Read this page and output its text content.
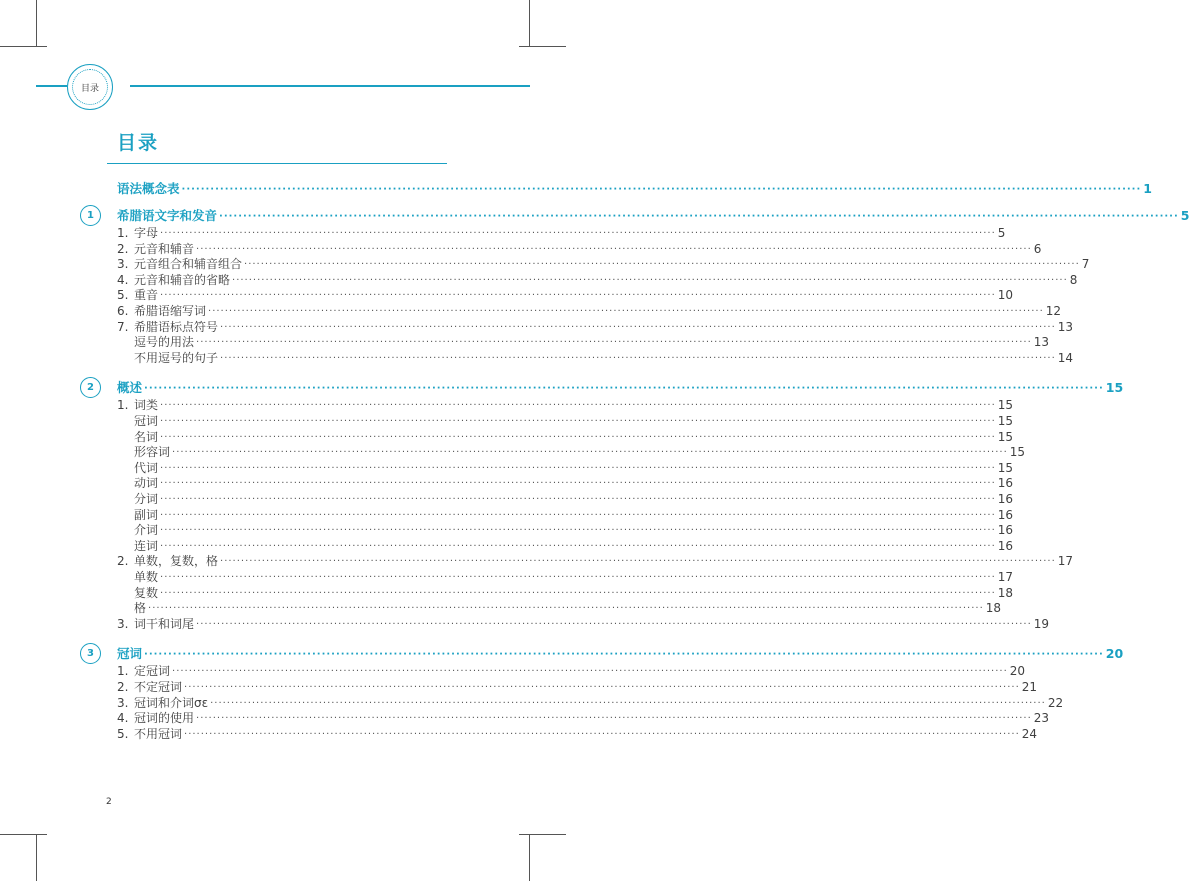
目录
目录
语法概念表 ········································································································································································································ 1
1	希腊语文字和发音 ········································································································································································································ 5
1. 字母 ········································································································································································································ 5
2. 元音和辅音 ········································································································································································································ 6
3. 元音组合和辅音组合 ········································································································································································································ 7
4. 元音和辅音的省略 ········································································································································································································ 8
5. 重音 ········································································································································································································ 10
6. 希腊语缩写词 ········································································································································································································ 12
7. 希腊语标点符号 ········································································································································································································ 13
逗号的用法 ········································································································································································································ 13
不用逗号的句子 ········································································································································································································ 14
2	概述 ········································································································································································································ 15
1. 词类 ········································································································································································································ 15
冠词 ········································································································································································································ 15
名词 ········································································································································································································ 15
形容词 ········································································································································································································ 15
代词 ········································································································································································································ 15
动词 ········································································································································································································ 16
分词 ········································································································································································································ 16
副词 ········································································································································································································ 16
介词 ········································································································································································································ 16
连词 ········································································································································································································ 16
2. 单数，复数，格 ········································································································································································································ 17
单数 ········································································································································································································ 17
复数 ········································································································································································································ 18
格 ········································································································································································································ 18
3. 词干和词尾 ········································································································································································································ 19
3	冠词 ········································································································································································································ 20
1. 定冠词 ········································································································································································································ 20
2. 不定冠词 ········································································································································································································ 21
3. 冠词和介词σε ········································································································································································································ 22
4. 冠词的使用 ········································································································································································································ 23
5. 不用冠词 ········································································································································································································ 24
2
